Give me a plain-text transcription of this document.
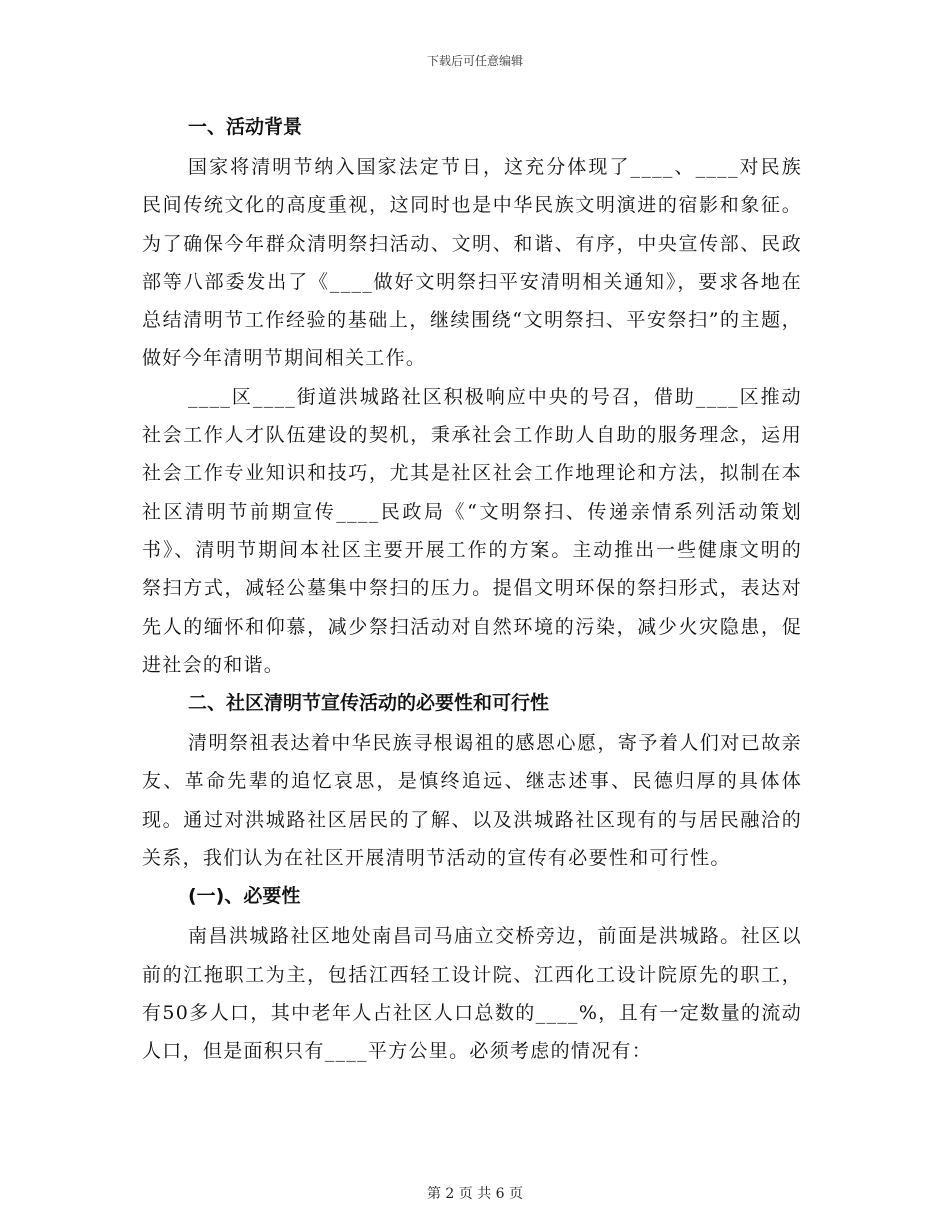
下载后可任意编辑
一、活动背景

国家将清明节纳入国家法定节日，这充分体现了____、____对民族民间传统文化的高度重视，这同时也是中华民族文明演进的宿影和象征。为了确保今年群众清明祭扫活动、文明、和谐、有序，中央宣传部、民政部等八部委发出了《____做好文明祭扫平安清明相关通知》，要求各地在总结清明节工作经验的基础上，继续围绕“文明祭扫、平安祭扫”的主题，做好今年清明节期间相关工作。

____区____街道洪城路社区积极响应中央的号召，借助____区推动社会工作人才队伍建设的契机，秉承社会工作助人自助的服务理念，运用社会工作专业知识和技巧，尤其是社区社会工作地理论和方法，拟制在本社区清明节前期宣传____民政局《“文明祭扫、传递亲情系列活动策划书》、清明节期间本社区主要开展工作的方案。主动推出一些健康文明的祭扫方式，减轻公墓集中祭扫的压力。提倡文明环保的祭扫形式，表达对先人的缅怀和仰慕，减少祭扫活动对自然环境的污染，减少火灾隐患，促进社会的和谐。

二、社区清明节宣传活动的必要性和可行性

清明祭祖表达着中华民族寻根谒祖的感恩心愿，寄予着人们对已故亲友、革命先辈的追忆哀思，是慎终追远、继志述事、民德归厚的具体体现。通过对洪城路社区居民的了解、以及洪城路社区现有的与居民融洽的关系，我们认为在社区开展清明节活动的宣传有必要性和可行性。

(一)、必要性

南昌洪城路社区地处南昌司马庙立交桥旁边，前面是洪城路。社区以前的江拖职工为主，包括江西轻工设计院、江西化工设计院原先的职工，有50多人口，其中老年人占社区人口总数的____%，且有一定数量的流动人口，但是面积只有____平方公里。必须考虑的情况有：

第 2 页 共 6 页
